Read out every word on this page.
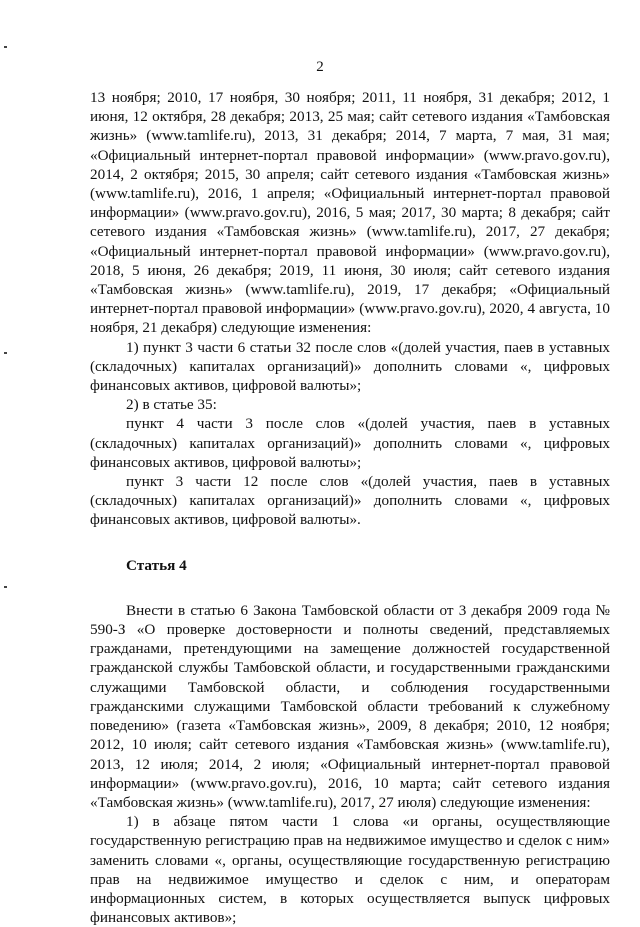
2

13 ноября; 2010, 17 ноября, 30 ноября; 2011, 11 ноября, 31 декабря; 2012, 1 июня, 12 октября, 28 декабря; 2013, 25 мая; сайт сетевого издания «Тамбовская жизнь» (www.tamlife.ru), 2013, 31 декабря; 2014, 7 марта, 7 мая, 31 мая; «Официальный интернет-портал правовой информации» (www.pravo.gov.ru), 2014, 2 октября; 2015, 30 апреля; сайт сетевого издания «Тамбовская жизнь» (www.tamlife.ru), 2016, 1 апреля; «Официальный интернет-портал правовой информации» (www.pravo.gov.ru), 2016, 5 мая; 2017, 30 марта; 8 декабря; сайт сетевого издания «Тамбовская жизнь» (www.tamlife.ru), 2017, 27 декабря; «Официальный интернет-портал правовой информации» (www.pravo.gov.ru), 2018, 5 июня, 26 декабря; 2019, 11 июня, 30 июля; сайт сетевого издания «Тамбовская жизнь» (www.tamlife.ru), 2019, 17 декабря; «Официальный интернет-портал правовой информации» (www.pravo.gov.ru), 2020, 4 августа, 10 ноября, 21 декабря) следующие изменения:

1) пункт 3 части 6 статьи 32 после слов «(долей участия, паев в уставных (складочных) капиталах организаций)» дополнить словами «, цифровых финансовых активов, цифровой валюты»;

2) в статье 35:

пункт 4 части 3 после слов «(долей участия, паев в уставных (складочных) капиталах организаций)» дополнить словами «, цифровых финансовых активов, цифровой валюты»;

пункт 3 части 12 после слов «(долей участия, паев в уставных (складочных) капиталах организаций)» дополнить словами «, цифровых финансовых активов, цифровой валюты».

Статья 4

Внести в статью 6 Закона Тамбовской области от 3 декабря 2009 года № 590-З «О проверке достоверности и полноты сведений, представляемых гражданами, претендующими на замещение должностей государственной гражданской службы Тамбовской области, и государственными гражданскими служащими Тамбовской области, и соблюдения государственными гражданскими служащими Тамбовской области требований к служебному поведению» (газета «Тамбовская жизнь», 2009, 8 декабря; 2010, 12 ноября; 2012, 10 июля; сайт сетевого издания «Тамбовская жизнь» (www.tamlife.ru), 2013, 12 июля; 2014, 2 июля; «Официальный интернет-портал правовой информации» (www.pravo.gov.ru), 2016, 10 марта; сайт сетевого издания «Тамбовская жизнь» (www.tamlife.ru), 2017, 27 июля) следующие изменения:

1) в абзаце пятом части 1 слова «и органы, осуществляющие государственную регистрацию прав на недвижимое имущество и сделок с ним» заменить словами «, органы, осуществляющие государственную регистрацию прав на недвижимое имущество и сделок с ним, и операторам информационных систем, в которых осуществляется выпуск цифровых финансовых активов»;
